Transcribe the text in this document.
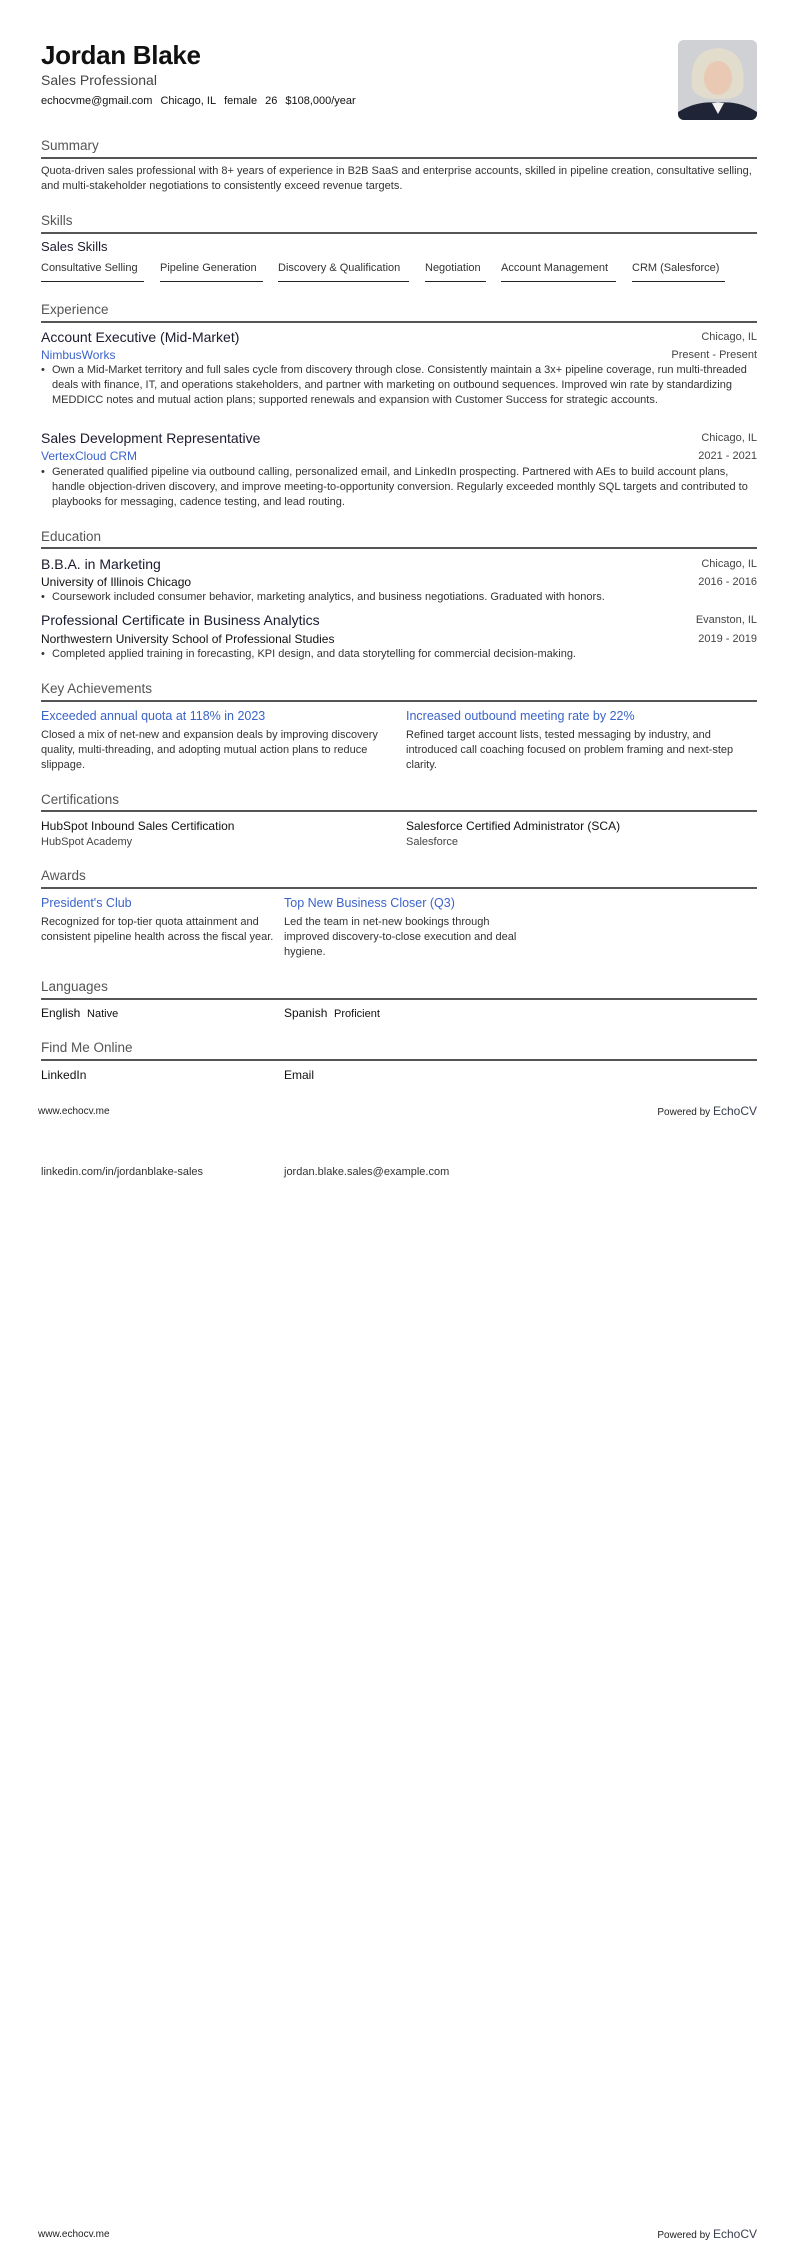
Jordan Blake
Sales Professional
echocvme@gmail.com Chicago, IL female 26 $108,000/year
Summary
Quota-driven sales professional with 8+ years of experience in B2B SaaS and enterprise accounts, skilled in pipeline creation, consultative selling, and multi-stakeholder negotiations to consistently exceed revenue targets.
Skills
Sales Skills
Consultative Selling	Pipeline Generation	Discovery & Qualification	Negotiation	Account Management	CRM (Salesforce)
Experience
Account Executive (Mid-Market)	Chicago, IL
NimbusWorks	Present - Present
• Own a Mid-Market territory and full sales cycle from discovery through close. Consistently maintain a 3x+ pipeline coverage, run multi-threaded deals with finance, IT, and operations stakeholders, and partner with marketing on outbound sequences. Improved win rate by standardizing MEDDICC notes and mutual action plans; supported renewals and expansion with Customer Success for strategic accounts.
Sales Development Representative	Chicago, IL
VertexCloud CRM	2021 - 2021
• Generated qualified pipeline via outbound calling, personalized email, and LinkedIn prospecting. Partnered with AEs to build account plans, handle objection-driven discovery, and improve meeting-to-opportunity conversion. Regularly exceeded monthly SQL targets and contributed to playbooks for messaging, cadence testing, and lead routing.
Education
B.B.A. in Marketing	Chicago, IL
University of Illinois Chicago	2016 - 2016
• Coursework included consumer behavior, marketing analytics, and business negotiations. Graduated with honors.
Professional Certificate in Business Analytics	Evanston, IL
Northwestern University School of Professional Studies	2019 - 2019
• Completed applied training in forecasting, KPI design, and data storytelling for commercial decision-making.
Key Achievements
Exceeded annual quota at 118% in 2023
Closed a mix of net-new and expansion deals by improving discovery quality, multi-threading, and adopting mutual action plans to reduce slippage.
Increased outbound meeting rate by 22%
Refined target account lists, tested messaging by industry, and introduced call coaching focused on problem framing and next-step clarity.
Certifications
HubSpot Inbound Sales Certification
HubSpot Academy
Salesforce Certified Administrator (SCA)
Salesforce
Awards
President's Club
Recognized for top-tier quota attainment and consistent pipeline health across the fiscal year.
Top New Business Closer (Q3)
Led the team in net-new bookings through improved discovery-to-close execution and deal hygiene.
Languages
English Native	Spanish Proficient
Find Me Online
LinkedIn	Email
www.echocv.me	Powered by EchoCV
linkedin.com/in/jordanblake-sales	jordan.blake.sales@example.com
www.echocv.me	Powered by EchoCV
